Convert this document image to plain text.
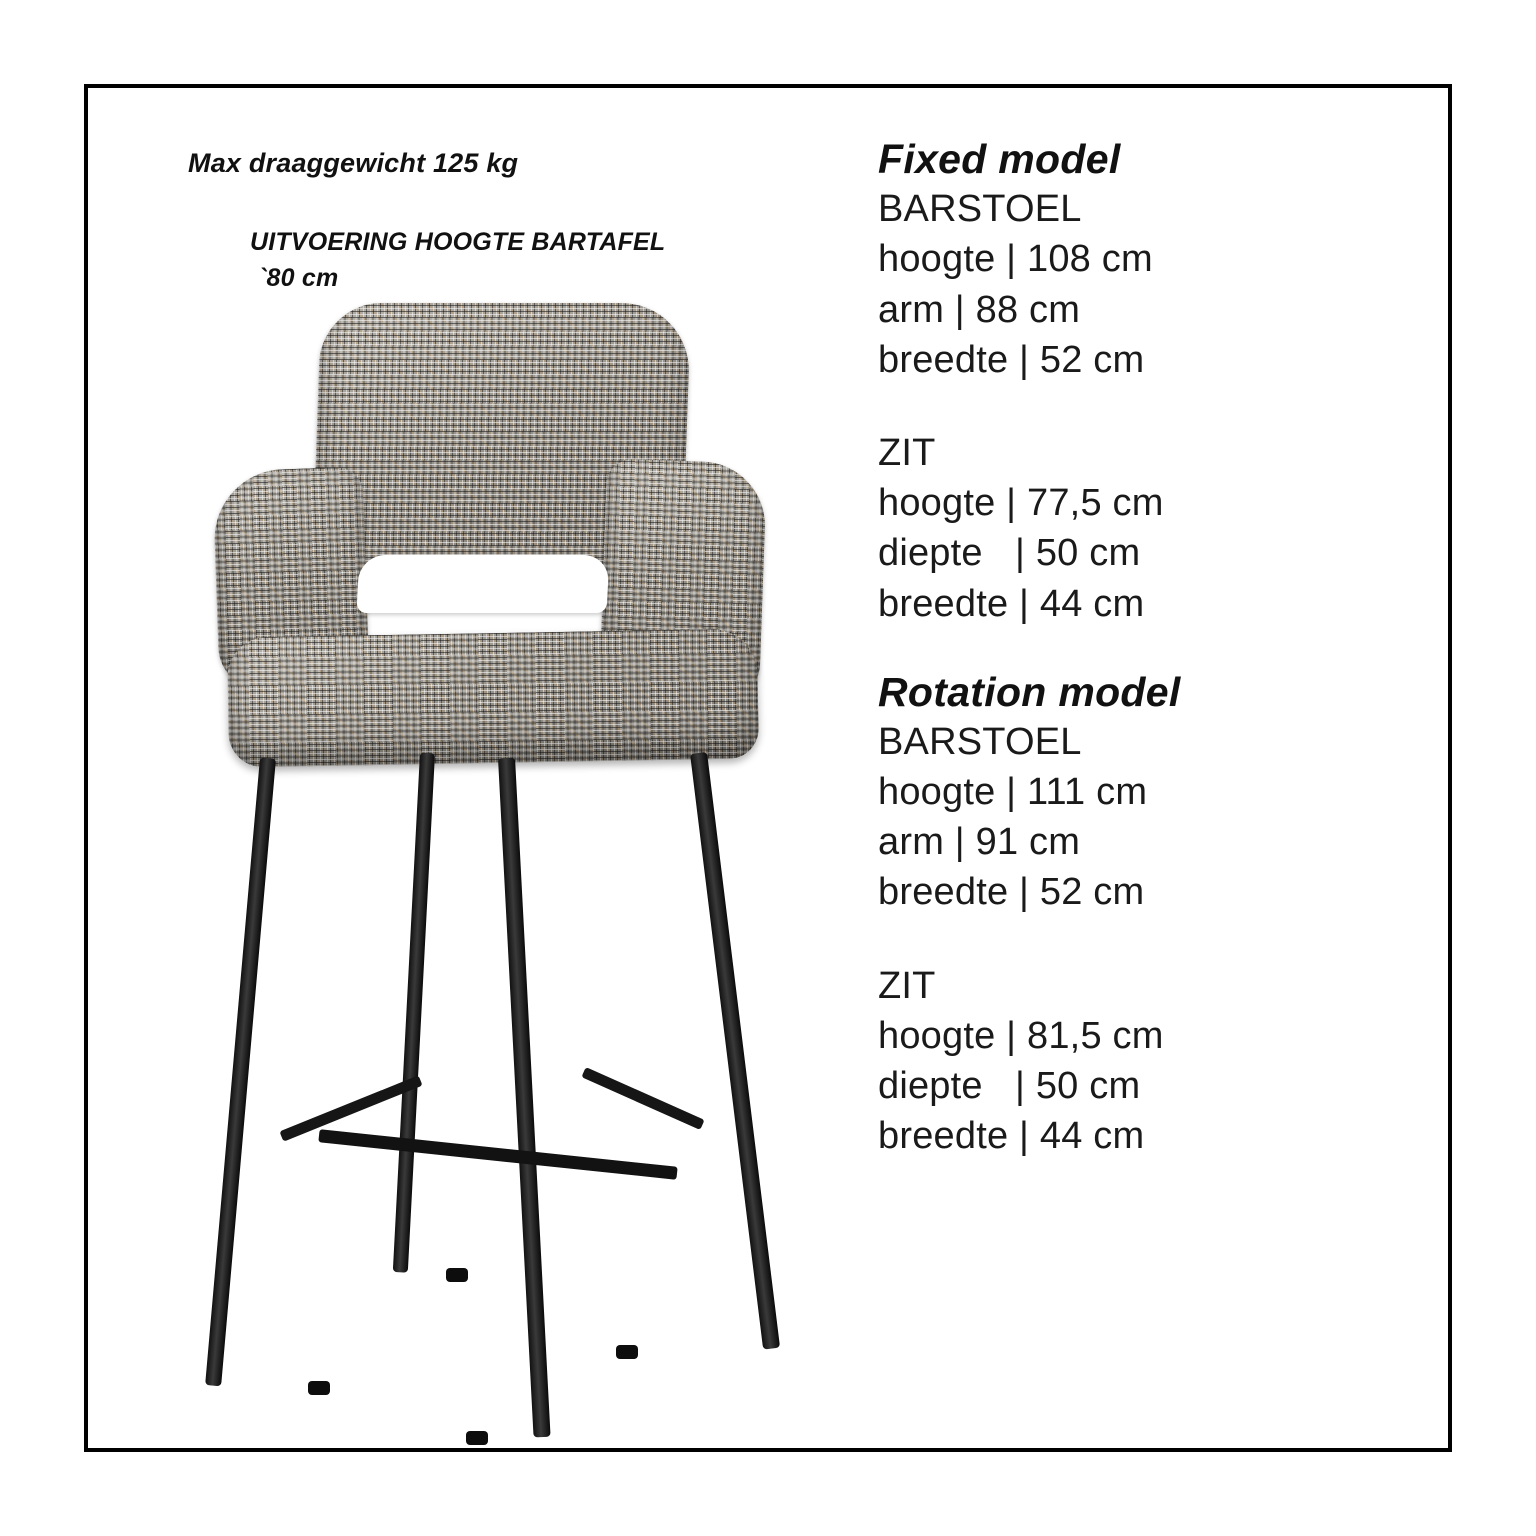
Max draaggewicht 125 kg
UITVOERING HOOGTE BARTAFEL
`80 cm
Fixed model
BARSTOEL
hoogte | 108 cm
arm | 88 cm
breedte | 52 cm
ZIT
hoogte | 77,5 cm
diepte   | 50 cm
breedte | 44 cm
Rotation model
BARSTOEL
hoogte | 111 cm
arm | 91 cm
breedte | 52 cm
ZIT
hoogte | 81,5 cm
diepte   | 50 cm
breedte | 44 cm
